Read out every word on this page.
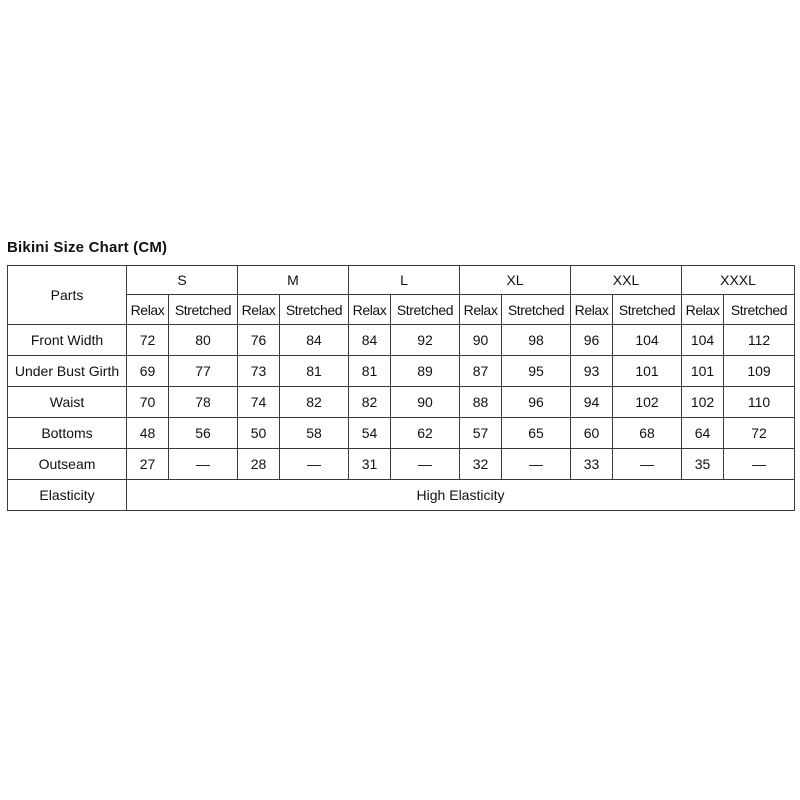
Bikini Size Chart (CM)
Parts	S		M		L		XL		XXL		XXXL	
	Relax	Stretched	Relax	Stretched	Relax	Stretched	Relax	Stretched	Relax	Stretched	Relax	Stretched
Front Width	72	80	76	84	84	92	90	98	96	104	104	112
Under Bust Girth	69	77	73	81	81	89	87	95	93	101	101	109
Waist	70	78	74	82	82	90	88	96	94	102	102	110
Bottoms	48	56	50	58	54	62	57	65	60	68	64	72
Outseam	27	—	28	—	31	—	32	—	33	—	35	—
Elasticity	High Elasticity											
